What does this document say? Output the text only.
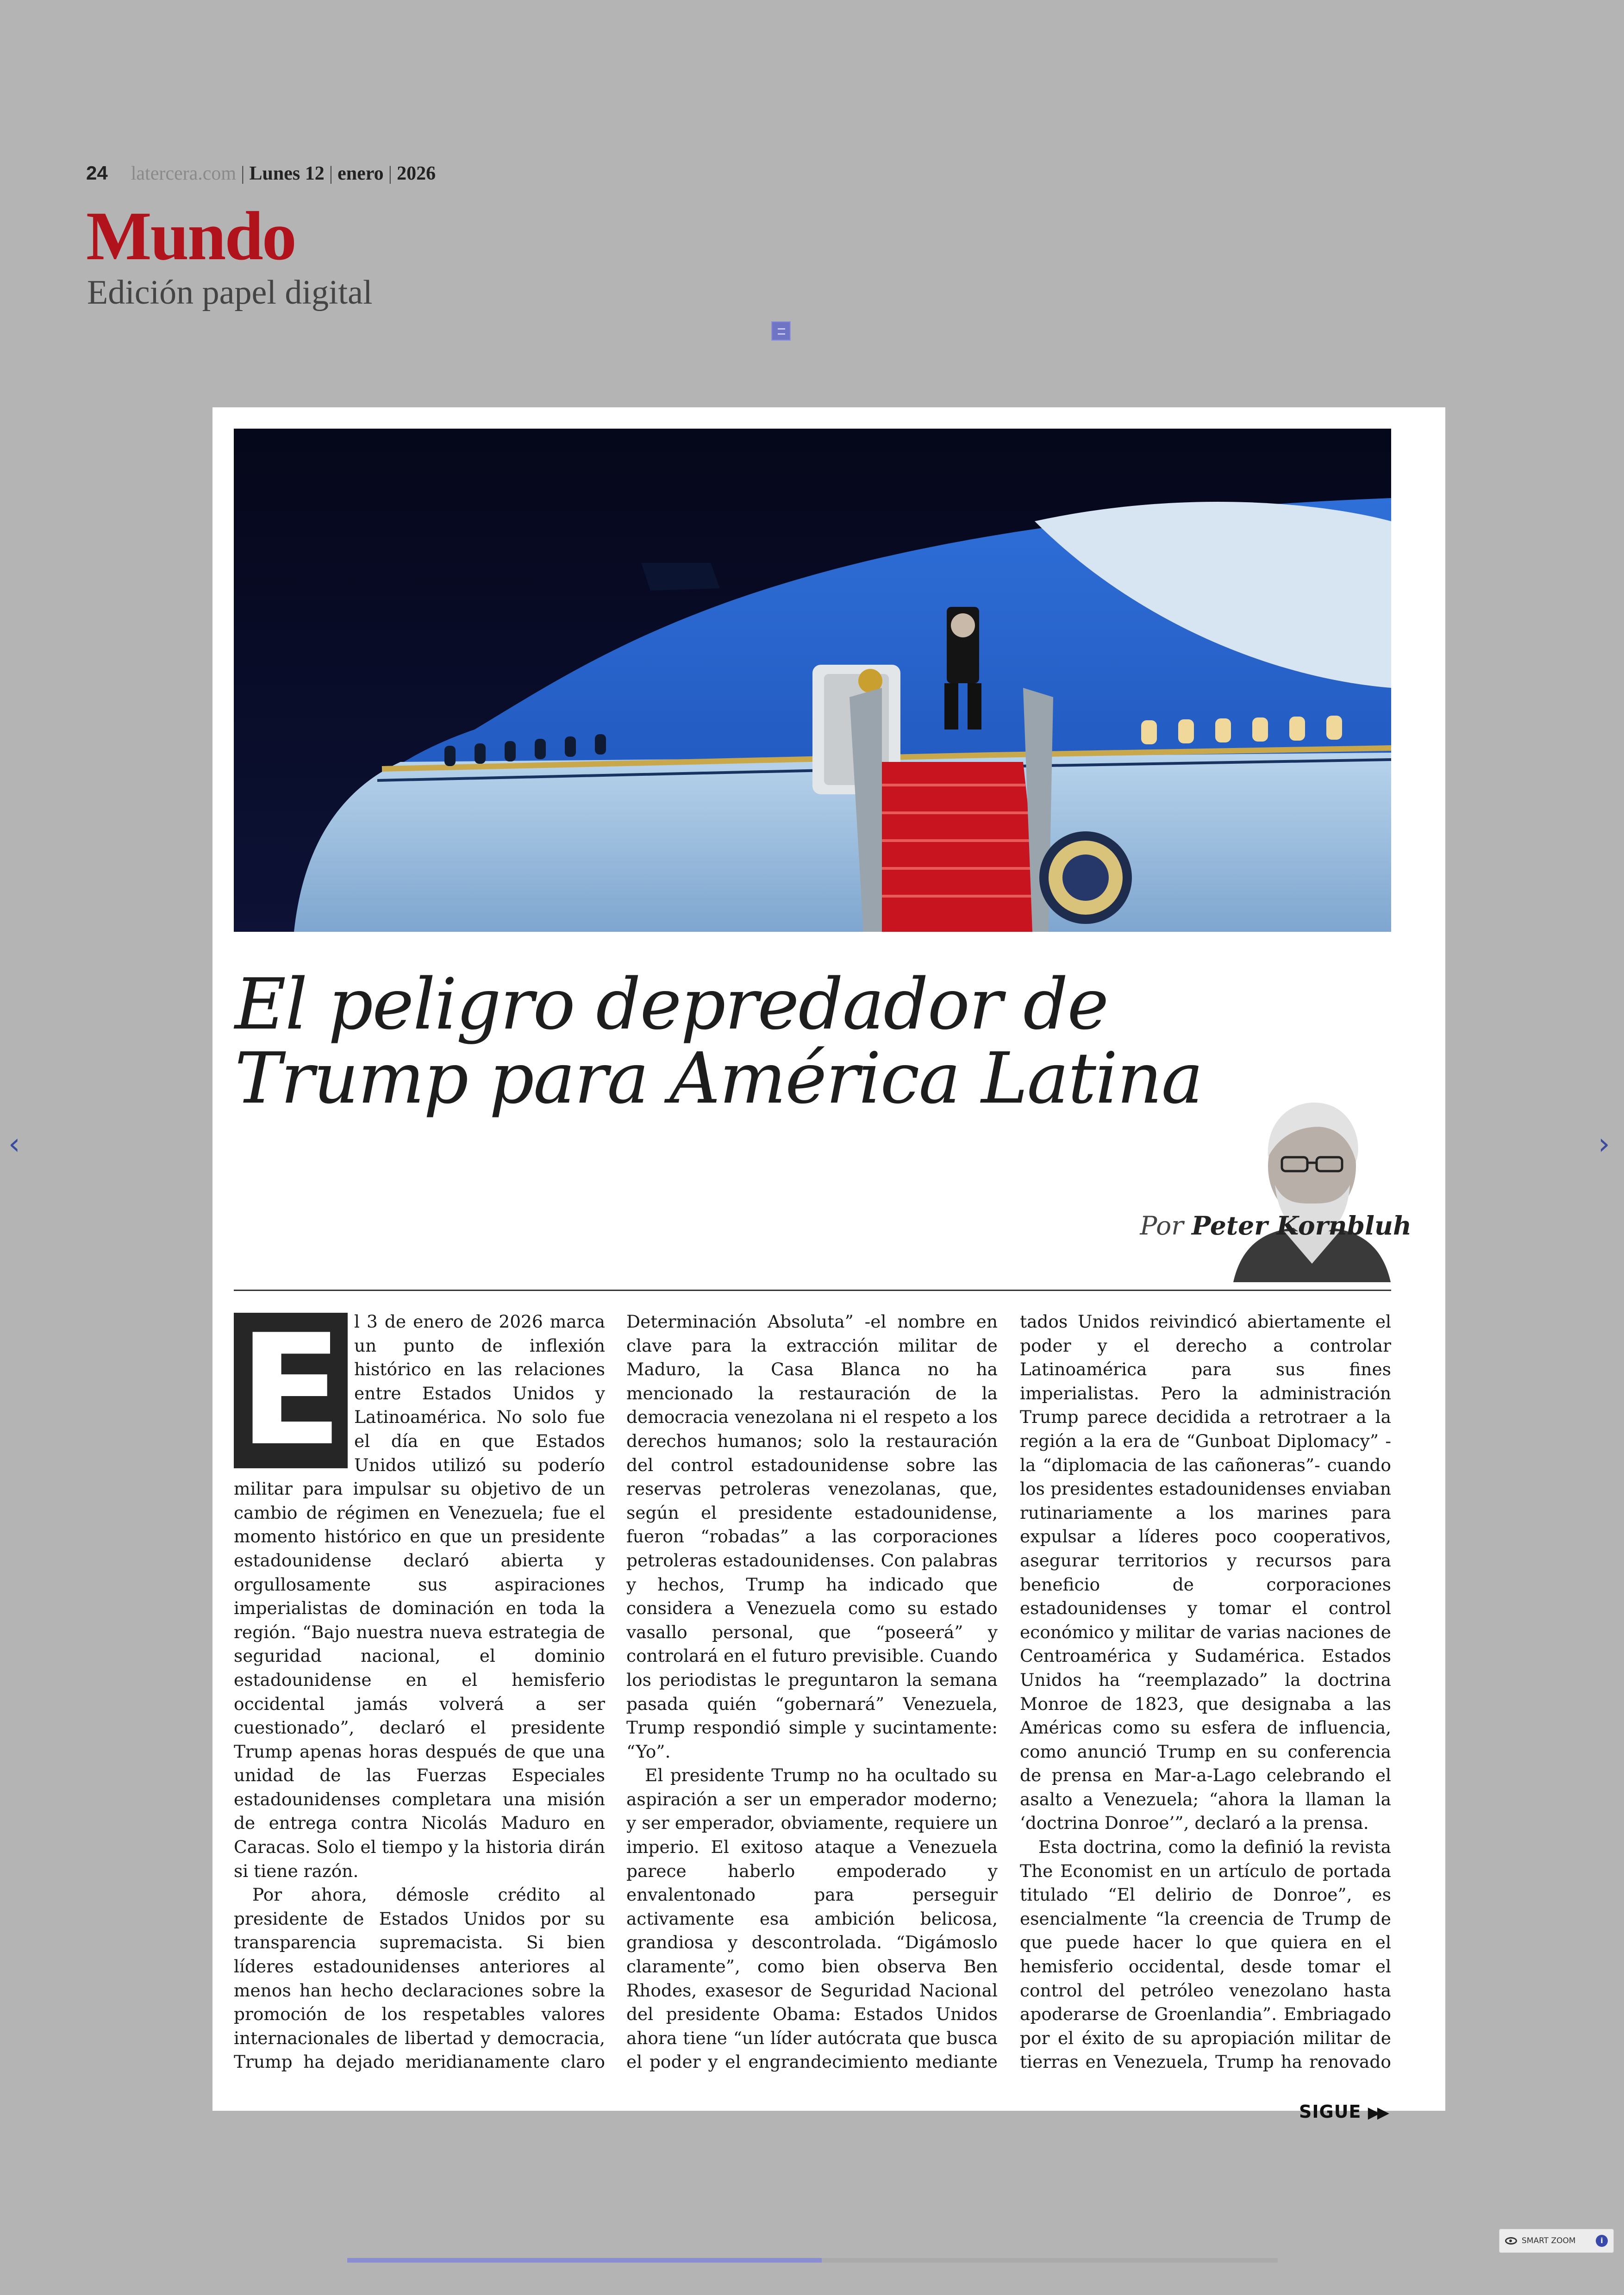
24 latercera.com | Lunes 12 | enero | 2026
Mundo
Edición papel digital
‹	›
El peligro depredador de
Trump para América Latina
Por Peter Kornbluh
E l 3 de enero de 2026 marca un punto de inflexión histórico en las relaciones entre Estados Unidos y Latinoamérica. No solo fue el día en que Estados Unidos utilizó su poderío militar para impulsar su objetivo de un cambio de régimen en Venezuela; fue el momento histórico en que un presidente estadounidense declaró abierta y orgullosamente sus aspiraciones imperialistas de dominación en toda la región. “Bajo nuestra nueva estrategia de seguridad nacional, el dominio estadounidense en el hemisferio occidental jamás volverá a ser cuestionado”, declaró el presidente Trump apenas horas después de que una unidad de las Fuerzas Especiales estadounidenses completara una misión de entrega contra Nicolás Maduro en Caracas. Solo el tiempo y la historia dirán si tiene razón.

Por ahora, démosle crédito al presidente de Estados Unidos por su transparencia supremacista. Si bien líderes estadounidenses anteriores al menos han hecho declaraciones sobre la promoción de los respetables valores internacionales de libertad y democracia, Trump ha dejado meridianamente claro

Determinación Absoluta” -el nombre en clave para la extracción militar de Maduro, la Casa Blanca no ha mencionado la restauración de la democracia venezolana ni el respeto a los derechos humanos; solo la restauración del control estadounidense sobre las reservas petroleras venezolanas, que, según el presidente estadounidense, fueron “robadas” a las corporaciones petroleras estadounidenses. Con palabras y hechos, Trump ha indicado que considera a Venezuela como su estado vasallo personal, que “poseerá” y controlará en el futuro previsible. Cuando los periodistas le preguntaron la semana pasada quién “gobernará” Venezuela, Trump respondió simple y sucintamente: “Yo”.

El presidente Trump no ha ocultado su aspiración a ser un emperador moderno; y ser emperador, obviamente, requiere un imperio. El exitoso ataque a Venezuela parece haberlo empoderado y envalentonado para perseguir activamente esa ambición belicosa, grandiosa y descontrolada. “Digámoslo claramente”, como bien observa Ben Rhodes, exasesor de Seguridad Nacional del presidente Obama: Estados Unidos ahora tiene “un líder autócrata que busca el poder y el engrandecimiento mediante

tados Unidos reivindicó abiertamente el poder y el derecho a controlar Latinoamérica para sus fines imperialistas. Pero la administración Trump parece decidida a retrotraer a la región a la era de “Gunboat Diplomacy” -la “diplomacia de las cañoneras”- cuando los presidentes estadounidenses enviaban rutinariamente a los marines para expulsar a líderes poco cooperativos, asegurar territorios y recursos para beneficio de corporaciones estadounidenses y tomar el control económico y militar de varias naciones de Centroamérica y Sudamérica. Estados Unidos ha “reemplazado” la doctrina Monroe de 1823, que designaba a las Américas como su esfera de influencia, como anunció Trump en su conferencia de prensa en Mar-a-Lago celebrando el asalto a Venezuela; “ahora la llaman la ‘doctrina Donroe’”, declaró a la prensa.

Esta doctrina, como la definió la revista The Economist en un artículo de portada titulado “El delirio de Donroe”, es esencialmente “la creencia de Trump de que puede hacer lo que quiera en el hemisferio occidental, desde tomar el control del petróleo venezolano hasta apoderarse de Groenlandia”. Embriagado por el éxito de su apropiación militar de tierras en Venezuela, Trump ha renovado

SIGUE ▶▶
SMART ZOOM	i
